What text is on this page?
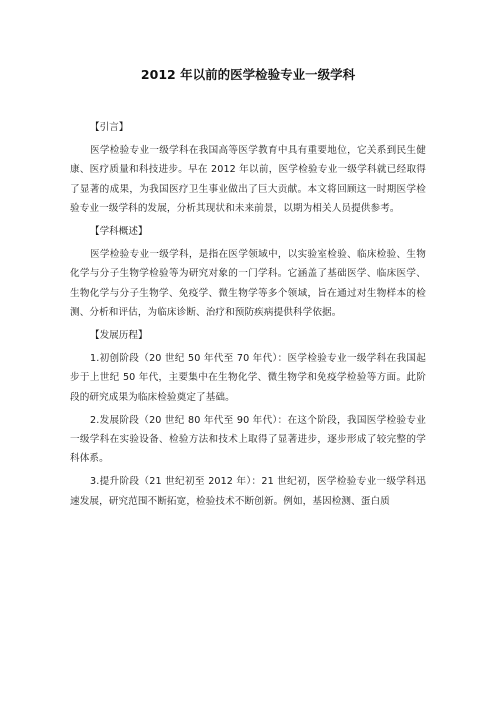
2012 年以前的医学检验专业一级学科
【引言】

医学检验专业一级学科在我国高等医学教育中具有重要地位，它关系到民生健康、医疗质量和科技进步。早在 2012 年以前，医学检验专业一级学科就已经取得了显著的成果，为我国医疗卫生事业做出了巨大贡献。本文将回顾这一时期医学检验专业一级学科的发展，分析其现状和未来前景，以期为相关人员提供参考。

【学科概述】

医学检验专业一级学科，是指在医学领域中，以实验室检验、临床检验、生物化学与分子生物学检验等为研究对象的一门学科。它涵盖了基础医学、临床医学、生物化学与分子生物学、免疫学、微生物学等多个领域，旨在通过对生物样本的检测、分析和评估，为临床诊断、治疗和预防疾病提供科学依据。

【发展历程】

1.初创阶段（20 世纪 50 年代至 70 年代）：医学检验专业一级学科在我国起步于上世纪 50 年代，主要集中在生物化学、微生物学和免疫学检验等方面。此阶段的研究成果为临床检验奠定了基础。

2.发展阶段（20 世纪 80 年代至 90 年代）：在这个阶段，我国医学检验专业一级学科在实验设备、检验方法和技术上取得了显著进步，逐步形成了较完整的学科体系。

3.提升阶段（21 世纪初至 2012 年）：21 世纪初，医学检验专业一级学科迅速发展，研究范围不断拓宽，检验技术不断创新。例如，基因检测、蛋白质
